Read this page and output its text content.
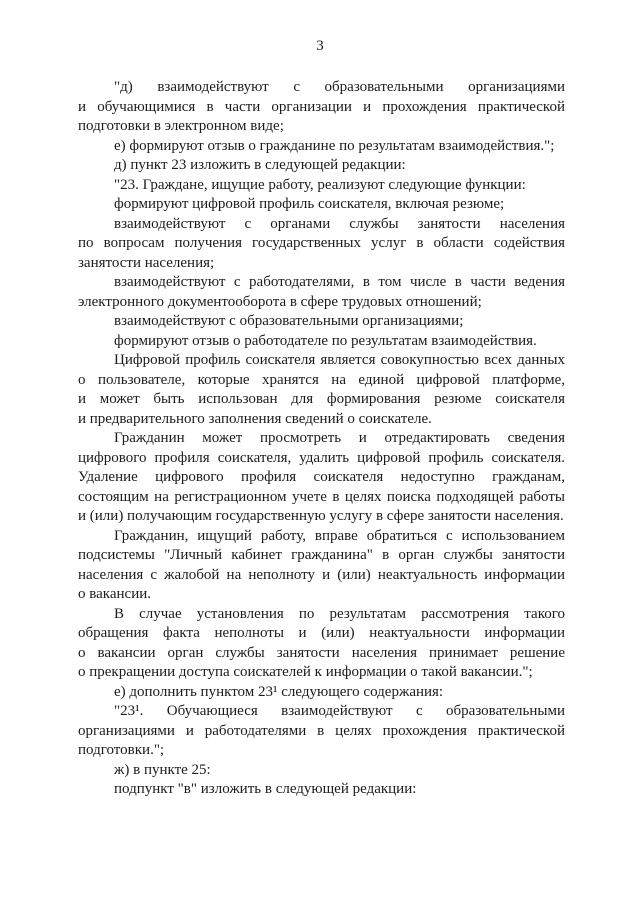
3
"д) взаимодействуют с образовательными организациями
и обучающимися в части организации и прохождения практической
подготовки в электронном виде;
е) формируют отзыв о гражданине по результатам взаимодействия.";
д) пункт 23 изложить в следующей редакции:
"23. Граждане, ищущие работу, реализуют следующие функции:
формируют цифровой профиль соискателя, включая резюме;
взаимодействуют с органами службы занятости населения
по вопросам получения государственных услуг в области содействия
занятости населения;
взаимодействуют с работодателями, в том числе в части ведения
электронного документооборота в сфере трудовых отношений;
взаимодействуют с образовательными организациями;
формируют отзыв о работодателе по результатам взаимодействия.
Цифровой профиль соискателя является совокупностью всех данных
о пользователе, которые хранятся на единой цифровой платформе,
и может быть использован для формирования резюме соискателя
и предварительного заполнения сведений о соискателе.
Гражданин может просмотреть и отредактировать сведения
цифрового профиля соискателя, удалить цифровой профиль соискателя.
Удаление цифрового профиля соискателя недоступно гражданам,
состоящим на регистрационном учете в целях поиска подходящей работы
и (или) получающим государственную услугу в сфере занятости населения.
Гражданин, ищущий работу, вправе обратиться с использованием
подсистемы "Личный кабинет гражданина" в орган службы занятости
населения с жалобой на неполноту и (или) неактуальность информации
о вакансии.
В случае установления по результатам рассмотрения такого
обращения факта неполноты и (или) неактуальности информации
о вакансии орган службы занятости населения принимает решение
о прекращении доступа соискателей к информации о такой вакансии.";
е) дополнить пунктом 23¹ следующего содержания:
"23¹. Обучающиеся взаимодействуют с образовательными
организациями и работодателями в целях прохождения практической
подготовки.";
ж) в пункте 25:
подпункт "в" изложить в следующей редакции:
